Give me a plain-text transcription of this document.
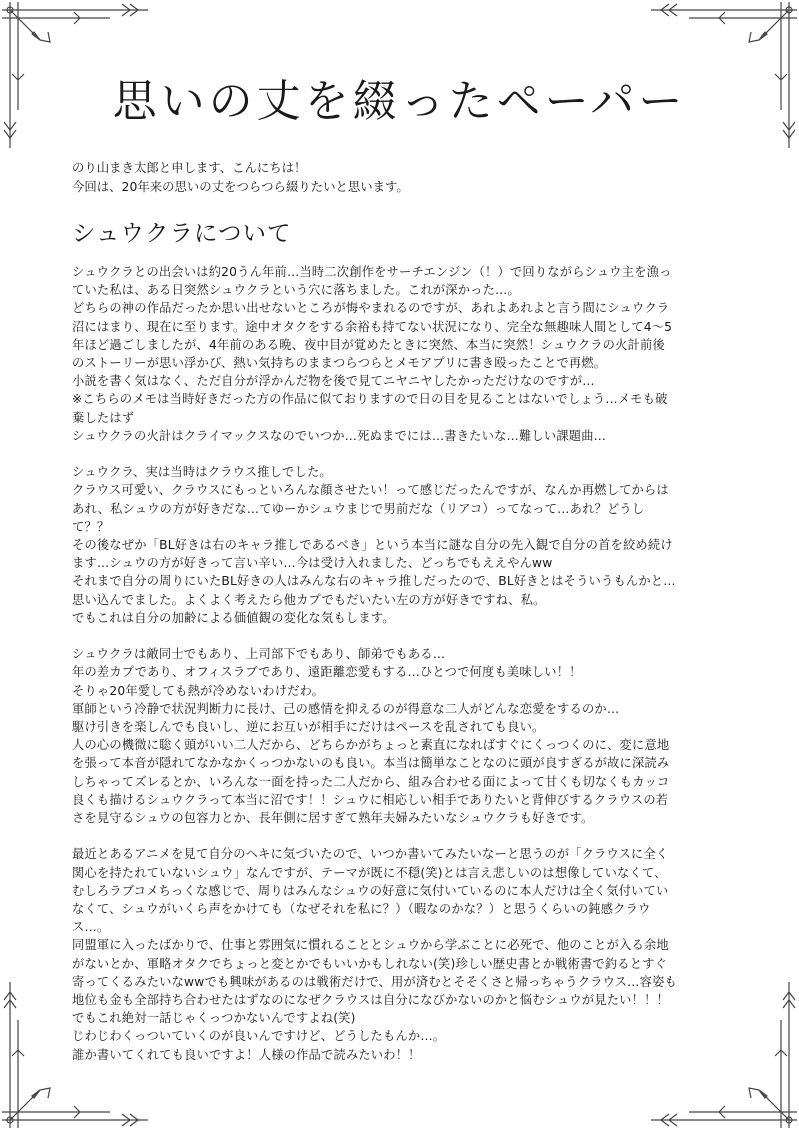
思いの丈を綴ったペーパー

のり山まき太郎と申します、こんにちは！

今回は、20年来の思いの丈をつらつら綴りたいと思います。

シュウクラについて

シュウクラとの出会いは約20うん年前…当時二次創作をサーチエンジン（！）で回りながらシュウ主を漁っ

ていた私は、ある日突然シュウクラという穴に落ちました。これが深かった…。

どちらの神の作品だったか思い出せないところが悔やまれるのですが、あれよあれよと言う間にシュウクラ

沼にはまり、現在に至ります。途中オタクをする余裕も持てない状況になり、完全な無趣味人間として4～5

年ほど過ごしましたが、4年前のある晩、夜中目が覚めたときに突然、本当に突然！シュウクラの火計前後

のストーリーが思い浮かび、熱い気持ちのままつらつらとメモアプリに書き殴ったことで再燃。

小説を書く気はなく、ただ自分が浮かんだ物を後で見てニヤニヤしたかっただけなのですが…

※こちらのメモは当時好きだった方の作品に似ておりますので日の目を見ることはないでしょう…メモも破

棄したはず

シュウクラの火計はクライマックスなのでいつか…死ぬまでには…書きたいな…難しい課題曲…

シュウクラ、実は当時はクラウス推しでした。

クラウス可愛い、クラウスにもっといろんな顔させたい！って感じだったんですが、なんか再燃してからは

あれ、私シュウの方が好きだな…てゆーかシュウまじで男前だな（リアコ）ってなって…あれ？どうし

て？？

その後なぜか「BL好きは右のキャラ推しであるべき」という本当に謎な自分の先入観で自分の首を絞め続け

ます…シュウの方が好きって言い辛い…今は受け入れました、どっちでもええやんww

それまで自分の周りにいたBL好きの人はみんな右のキャラ推しだったので、BL好きとはそういうもんかと…

思い込んでました。よくよく考えたら他カプでもだいたい左の方が好きですね、私。

でもこれは自分の加齢による価値観の変化な気もします。

シュウクラは敵同士でもあり、上司部下でもあり、師弟でもある…

年の差カプであり、オフィスラブであり、遠距離恋愛もする…ひとつで何度も美味しい！！

そりゃ20年愛しても熱が冷めないわけだわ。

軍師という冷静で状況判断力に長け、己の感情を抑えるのが得意な二人がどんな恋愛をするのか…

駆け引きを楽しんでも良いし、逆にお互いが相手にだけはペースを乱されても良い。

人の心の機微に聡く頭がいい二人だから、どちらかがちょっと素直になればすぐにくっつくのに、変に意地

を張って本音が隠れてなかなかくっつかないのも良い。本当は簡単なことなのに頭が良すぎるが故に深読み

しちゃってズレるとか、いろんな一面を持った二人だから、組み合わせる面によって甘くも切なくもカッコ

良くも描けるシュウクラって本当に沼です！！シュウに相応しい相手でありたいと背伸びするクラウスの若

さを見守るシュウの包容力とか、長年側に居すぎて熟年夫婦みたいなシュウクラも好きです。

最近とあるアニメを見て自分のヘキに気づいたので、いつか書いてみたいなーと思うのが「クラウスに全く

関心を持たれていないシュウ」なんですが、テーマが既に不穏(笑)とは言え悲しいのは想像していなくて、

むしろラブコメちっくな感じで、周りはみんなシュウの好意に気付いているのに本人だけは全く気付いてい

なくて、シュウがいくら声をかけても（なぜそれを私に？）（暇なのかな？）と思うくらいの鈍感クラウ

ス…。

同盟軍に入ったばかりで、仕事と雰囲気に慣れることとシュウから学ぶことに必死で、他のことが入る余地

がないとか、軍略オタクでちょっと変とかでもいいかもしれない(笑)珍しい歴史書とか戦術書で釣るとすぐ

寄ってくるみたいなwwでも興味があるのは戦術だけで、用が済むとそそくさと帰っちゃうクラウス…容姿も

地位も金も全部持ち合わせたはずなのになぜクラウスは自分になびかないのかと悩むシュウが見たい！！！

でもこれ絶対一話じゃくっつかないんですよね(笑)

じわじわくっついていくのが良いんですけど、どうしたもんか…。

誰か書いてくれても良いですよ！人様の作品で読みたいわ！！
